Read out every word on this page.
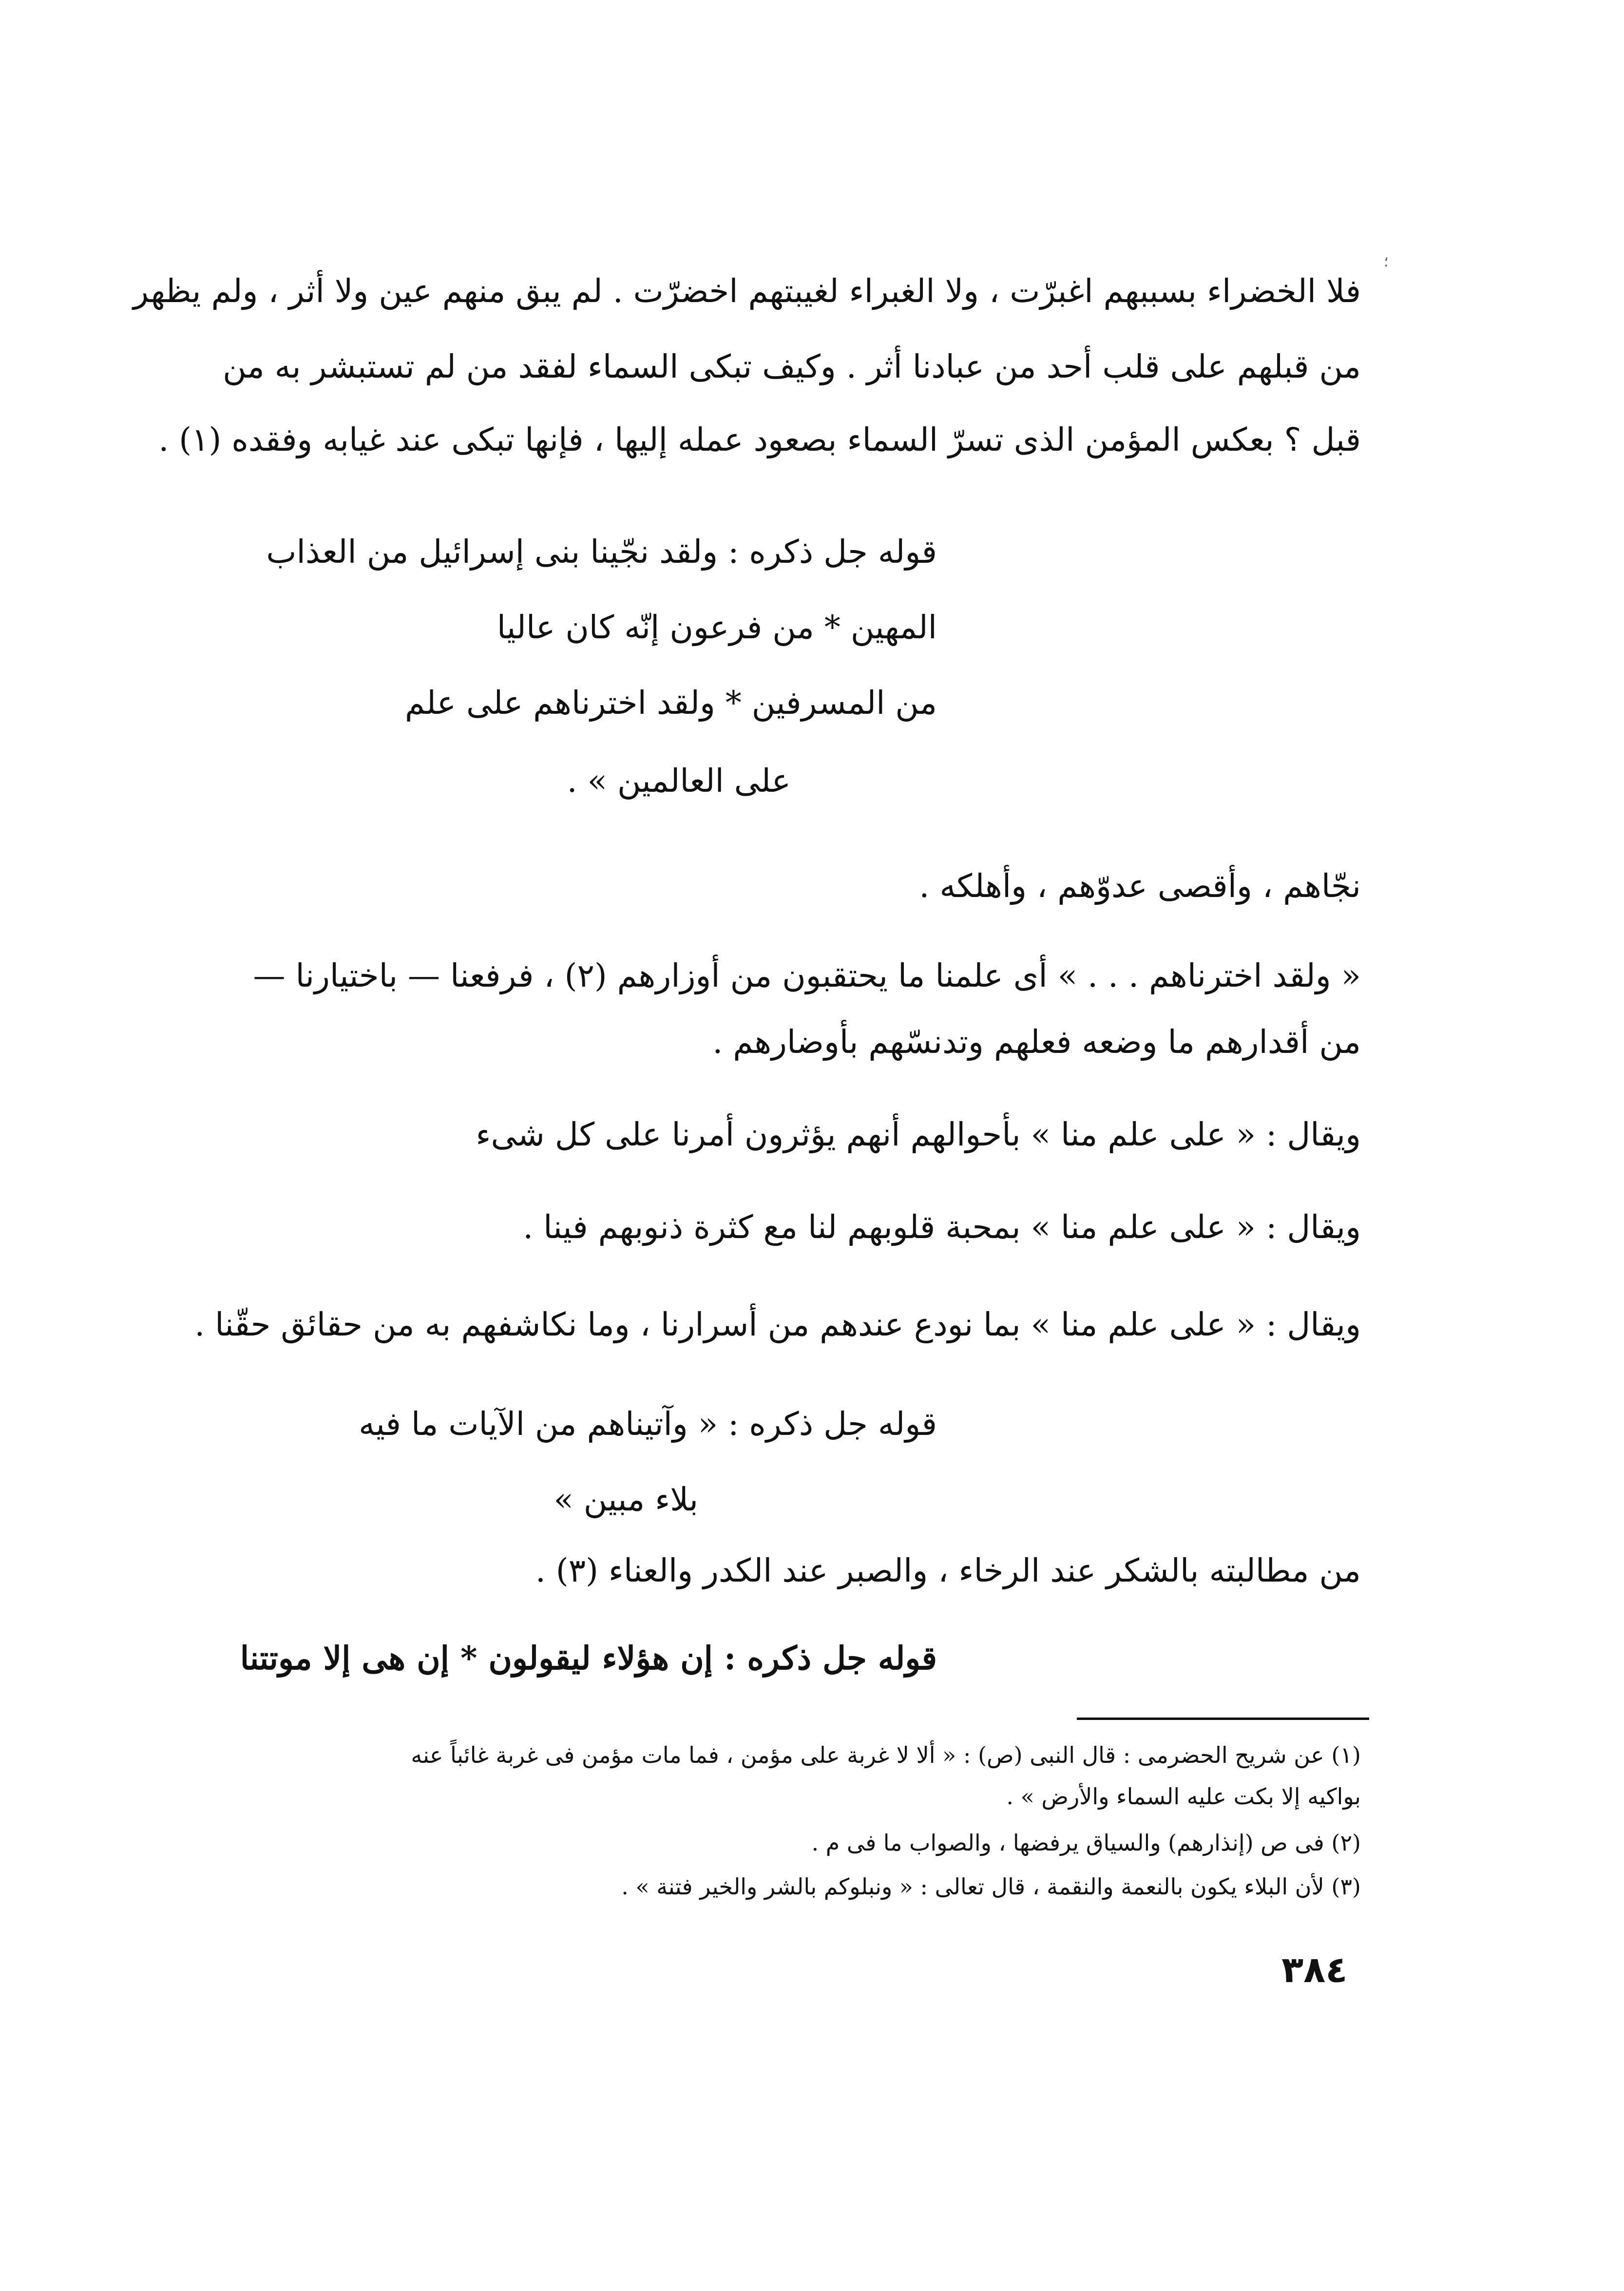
؛
فلا الخضراء بسببهم اغبرّت ، ولا الغبراء لغيبتهم اخضرّت . لم يبق منهم عين ولا أثر ، ولم يظهر
من قبلهم على قلب أحد من عبادنا أثر . وكيف تبكى السماء لفقد من لم تستبشر به من
قبل ؟ بعكس المؤمن الذى تسرّ السماء بصعود عمله إليها ، فإنها تبكى عند غيابه وفقده (١) .
قوله جل ذكره : ولقد نجّينا بنى إسرائيل من العذاب
المهين * من فرعون إنّه كان عاليا
من المسرفين * ولقد اخترناهم على علم
على العالمين » .
نجّاهم ، وأقصى عدوّهم ، وأهلكه .
« ولقد اخترناهم . . . » أى علمنا ما يحتقبون من أوزارهم (٢) ، فرفعنا — باختيارنا —
من أقدارهم ما وضعه فعلهم وتدنسّهم بأوضارهم .
ويقال : « على علم منا » بأحوالهم أنهم يؤثرون أمرنا على كل شىء
ويقال : « على علم منا » بمحبة قلوبهم لنا مع كثرة ذنوبهم فينا .
ويقال : « على علم منا » بما نودع عندهم من أسرارنا ، وما نكاشفهم به من حقائق حقّنا .
قوله جل ذكره : « وآتيناهم من الآيات ما فيه
بلاء مبين »
من مطالبته بالشكر عند الرخاء ، والصبر عند الكدر والعناء (٣) .
قوله جل ذكره : إن هؤلاء ليقولون * إن هى إلا موتتنا
(١) عن شريح الحضرمى : قال النبى (ص) : « ألا لا غربة على مؤمن ، فما مات مؤمن فى غربة غائباً عنه
بواكيه إلا بكت عليه السماء والأرض » .
(٢) فى ص (إنذارهم) والسياق يرفضها ، والصواب ما فى م .
(٣) لأن البلاء يكون بالنعمة والنقمة ، قال تعالى : « ونبلوكم بالشر والخير فتنة » .
٣٨٤
